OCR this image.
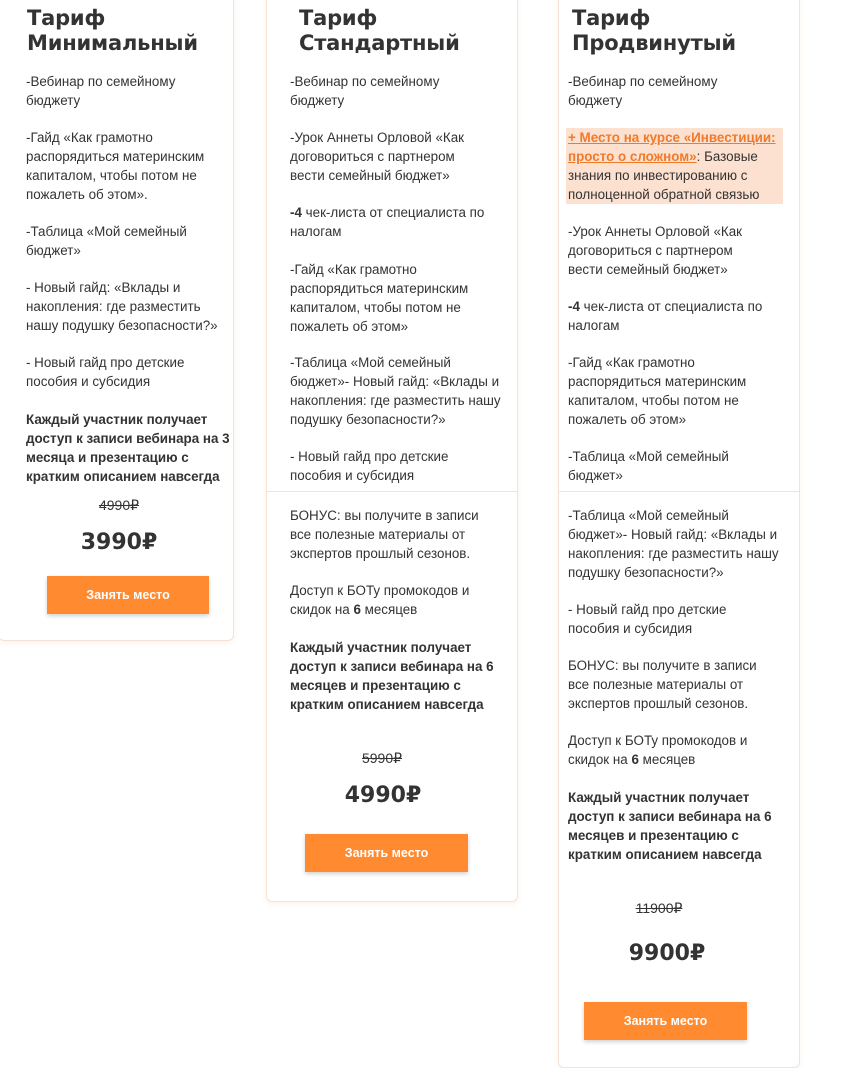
Тариф
Минимальный

-Вебинар по семейному бюджету

-Гайд «Как грамотно распорядиться материнским капиталом, чтобы потом не пожалеть об этом».

-Таблица «Мой семейный бюджет»

- Новый гайд: «Вклады и накопления: где разместить нашу подушку безопасности?»

- Новый гайд про детские пособия и субсидия

Каждый участник получает доступ к записи вебинара на 3 месяца и презентацию с кратким описанием навсегда

4990₽

3990₽

Занять место
Тариф
Стандартный

-Вебинар по семейному бюджету

-Урок Аннеты Орловой «Как договориться с партнером вести семейный бюджет»

-4 чек-листа от специалиста по налогам

-Гайд «Как грамотно распорядиться материнским капиталом, чтобы потом не пожалеть об этом»

-Таблица «Мой семейный бюджет»- Новый гайд: «Вклады и накопления: где разместить нашу подушку безопасности?»

- Новый гайд про детские пособия и субсидия

БОНУС: вы получите в записи все полезные материалы от экспертов прошлый сезонов.

Доступ к БОТу промокодов и скидок на 6 месяцев

Каждый участник получает доступ к записи вебинара на 6 месяцев и презентацию с кратким описанием навсегда

5990₽

4990₽

Занять место
Тариф
Продвинутый

-Вебинар по семейному бюджету

+ Место на курсе «Инвестиции: просто о сложном»: Базовые знания по инвестированию с полноценной обратной связью

-Урок Аннеты Орловой «Как договориться с партнером вести семейный бюджет»

-4 чек-листа от специалиста по налогам

-Гайд «Как грамотно распорядиться материнским капиталом, чтобы потом не пожалеть об этом»

-Таблица «Мой семейный бюджет»

-Таблица «Мой семейный бюджет»- Новый гайд: «Вклады и накопления: где разместить нашу подушку безопасности?»

- Новый гайд про детские пособия и субсидия

БОНУС: вы получите в записи все полезные материалы от экспертов прошлый сезонов.

Доступ к БОТу промокодов и скидок на 6 месяцев

Каждый участник получает доступ к записи вебинара на 6 месяцев и презентацию с кратким описанием навсегда

11900₽

9900₽

Занять место
